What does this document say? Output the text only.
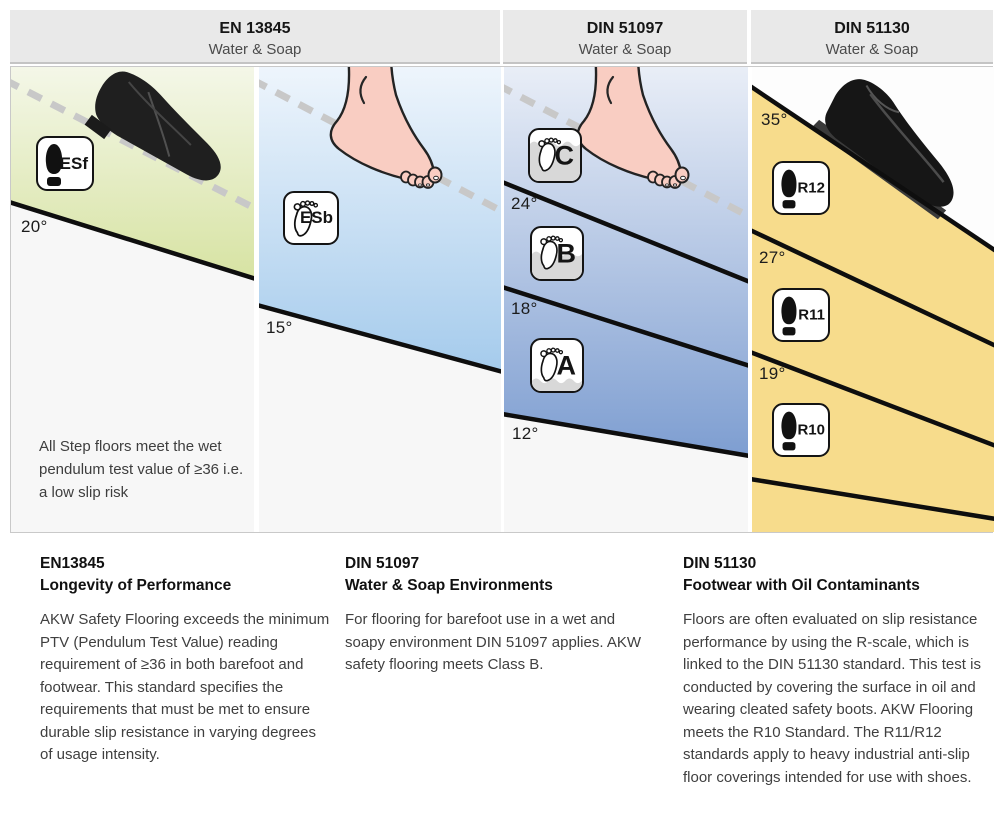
EN 13845
Water & Soap
DIN 51097
Water & Soap
DIN 51130
Water & Soap
ESf
20°
All Step floors meet the wet pendulum test value of ≥36 i.e. a low slip risk
ESb
15°
C
24°
B
18°
A
12°
35°
R12
27°
R11
19°
R10
EN13845
Longevity of Performance
AKW Safety Flooring exceeds the minimum PTV (Pendulum Test Value) reading requirement of ≥36 in both barefoot and footwear. This standard specifies the requirements that must be met to ensure durable slip resistance in varying degrees of usage intensity.
DIN 51097
Water & Soap Environments
For flooring for barefoot use in a wet and soapy environment DIN 51097 applies. AKW safety flooring meets Class B.
DIN 51130
Footwear with Oil Contaminants
Floors are often evaluated on slip resistance performance by using the R-scale, which is linked to the DIN 51130 standard. This test is conducted by covering the surface in oil and wearing cleated safety boots. AKW Flooring meets the R10 Standard. The R11/R12 standards apply to heavy industrial anti-slip floor coverings intended for use with shoes.
